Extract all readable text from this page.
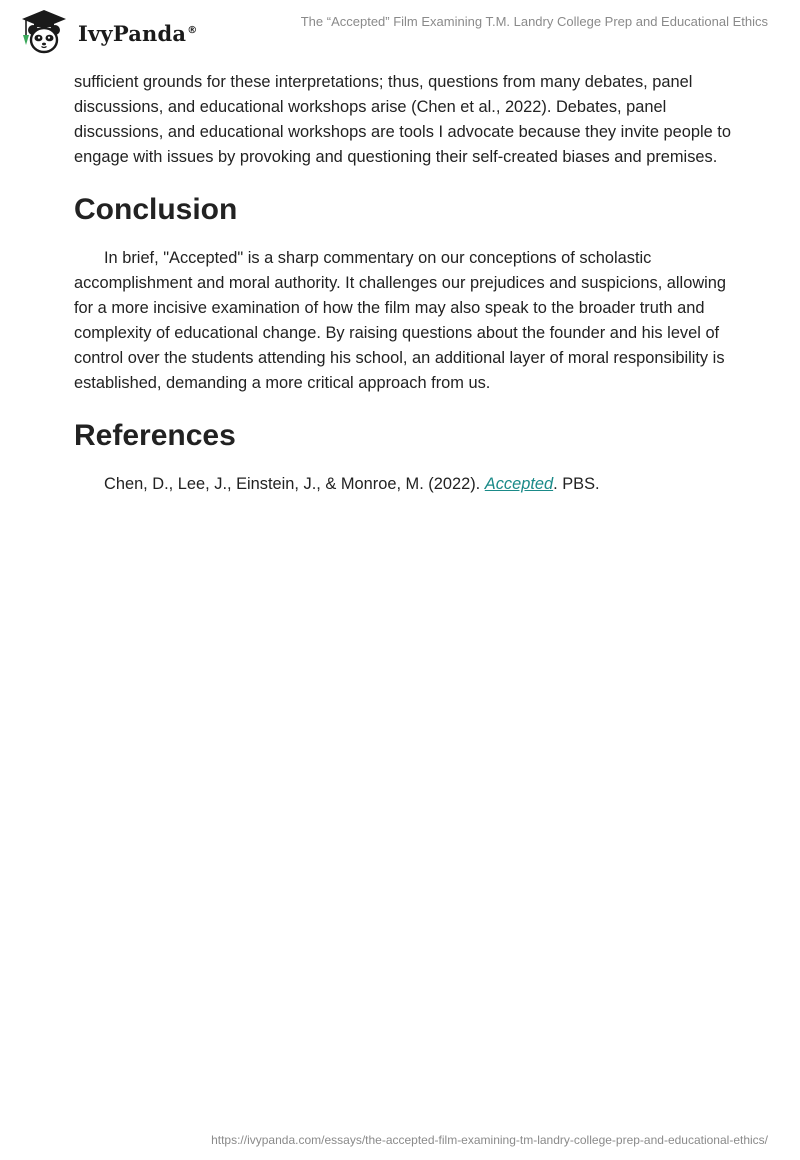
IvyPanda®
The “Accepted” Film Examining T.M. Landry College Prep and Educational Ethics

sufficient grounds for these interpretations; thus, questions from many debates, panel discussions, and educational workshops arise (Chen et al., 2022). Debates, panel discussions, and educational workshops are tools I advocate because they invite people to engage with issues by provoking and questioning their self-created biases and premises.

Conclusion

In brief, "Accepted" is a sharp commentary on our conceptions of scholastic accomplishment and moral authority. It challenges our prejudices and suspicions, allowing for a more incisive examination of how the film may also speak to the broader truth and complexity of educational change. By raising questions about the founder and his level of control over the students attending his school, an additional layer of moral responsibility is established, demanding a more critical approach from us.

References

Chen, D., Lee, J., Einstein, J., & Monroe, M. (2022). Accepted. PBS.

https://ivypanda.com/essays/the-accepted-film-examining-tm-landry-college-prep-and-educational-ethics/
